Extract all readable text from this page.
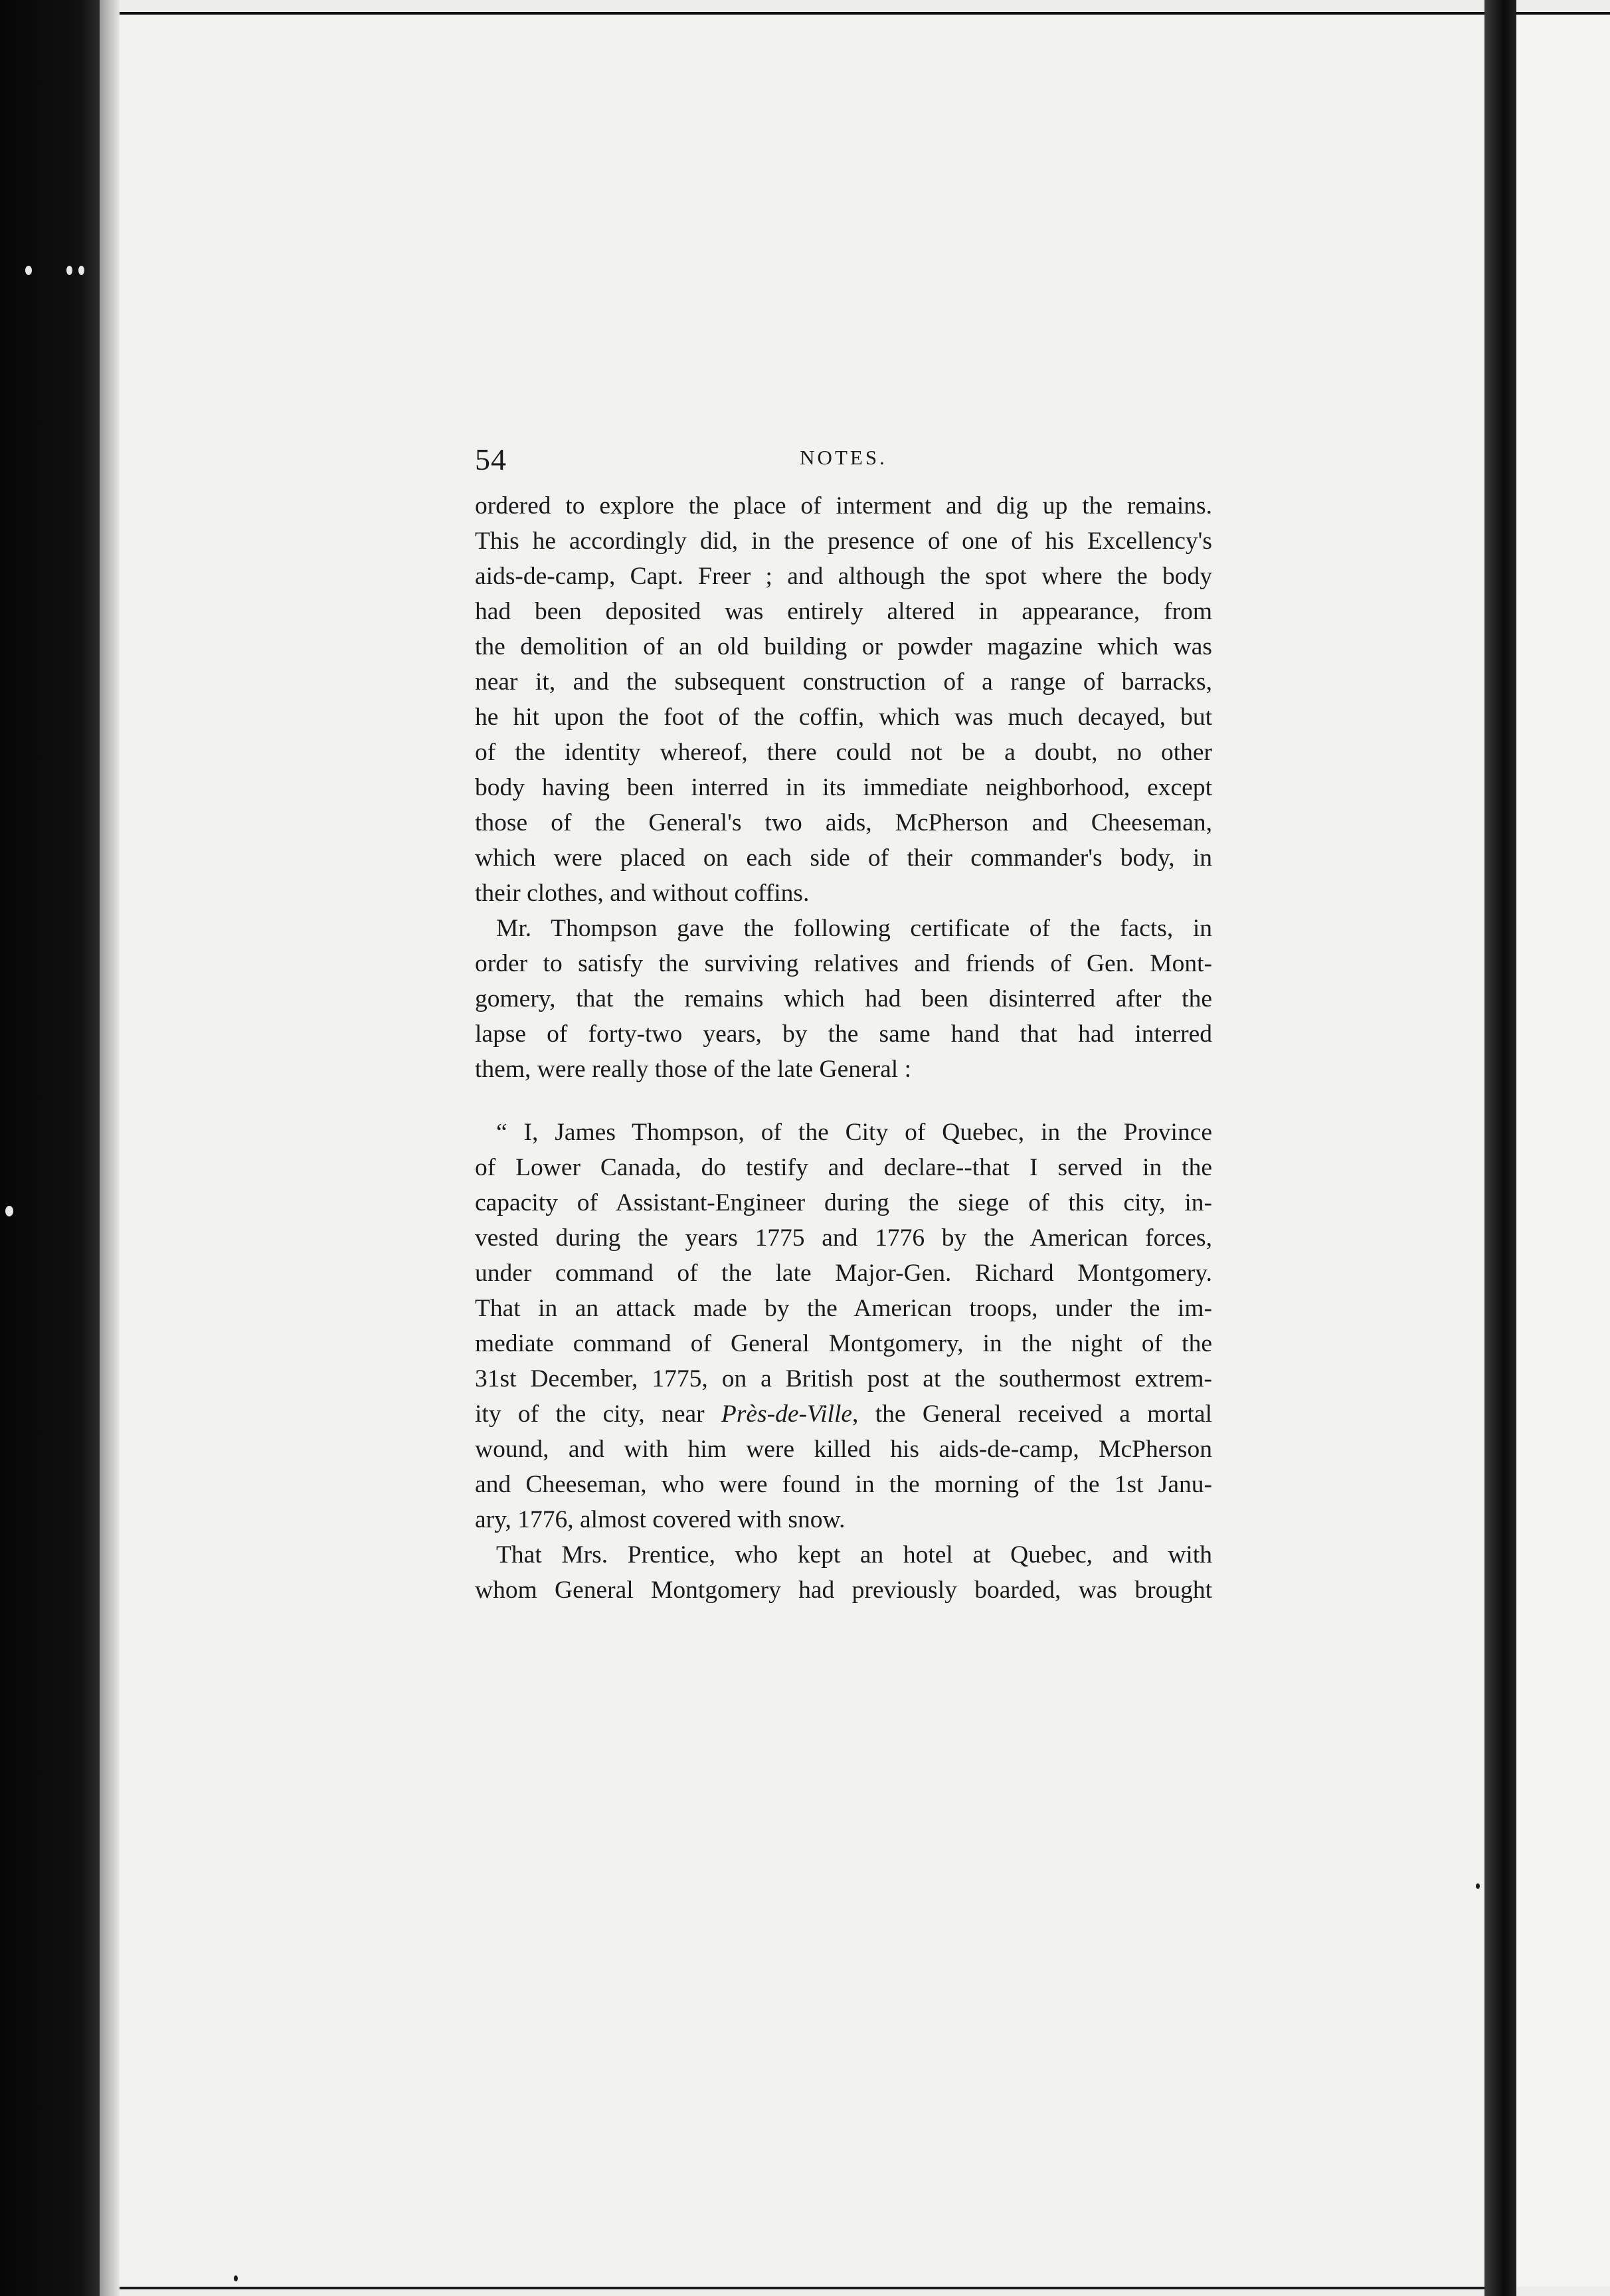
54	NOTES.
ordered to explore the place of interment and dig up the remains.
This he accordingly did, in the presence of one of his Excellency's
aids-de-camp, Capt. Freer ; and although the spot where the body
had been deposited was entirely altered in appearance, from
the demolition of an old building or powder magazine which was
near it, and the subsequent construction of a range of barracks,
he hit upon the foot of the coffin, which was much decayed, but
of the identity whereof, there could not be a doubt, no other
body having been interred in its immediate neighborhood, except
those of the General's two aids, McPherson and Cheeseman,
which were placed on each side of their commander's body, in
their clothes, and without coffins.
Mr. Thompson gave the following certificate of the facts, in
order to satisfy the surviving relatives and friends of Gen. Mont-
gomery, that the remains which had been disinterred after the
lapse of forty-two years, by the same hand that had interred
them, were really those of the late General :
“ I, James Thompson, of the City of Quebec, in the Province
of Lower Canada, do testify and declare--that I served in the
capacity of Assistant-Engineer during the siege of this city, in-
vested during the years 1775 and 1776 by the American forces,
under command of the late Major-Gen. Richard Montgomery.
That in an attack made by the American troops, under the im-
mediate command of General Montgomery, in the night of the
31st December, 1775, on a British post at the southermost extrem-
ity of the city, near Près-de-Ville, the General received a mortal
wound, and with him were killed his aids-de-camp, McPherson
and Cheeseman, who were found in the morning of the 1st Janu-
ary, 1776, almost covered with snow.
That Mrs. Prentice, who kept an hotel at Quebec, and with
whom General Montgomery had previously boarded, was brought
